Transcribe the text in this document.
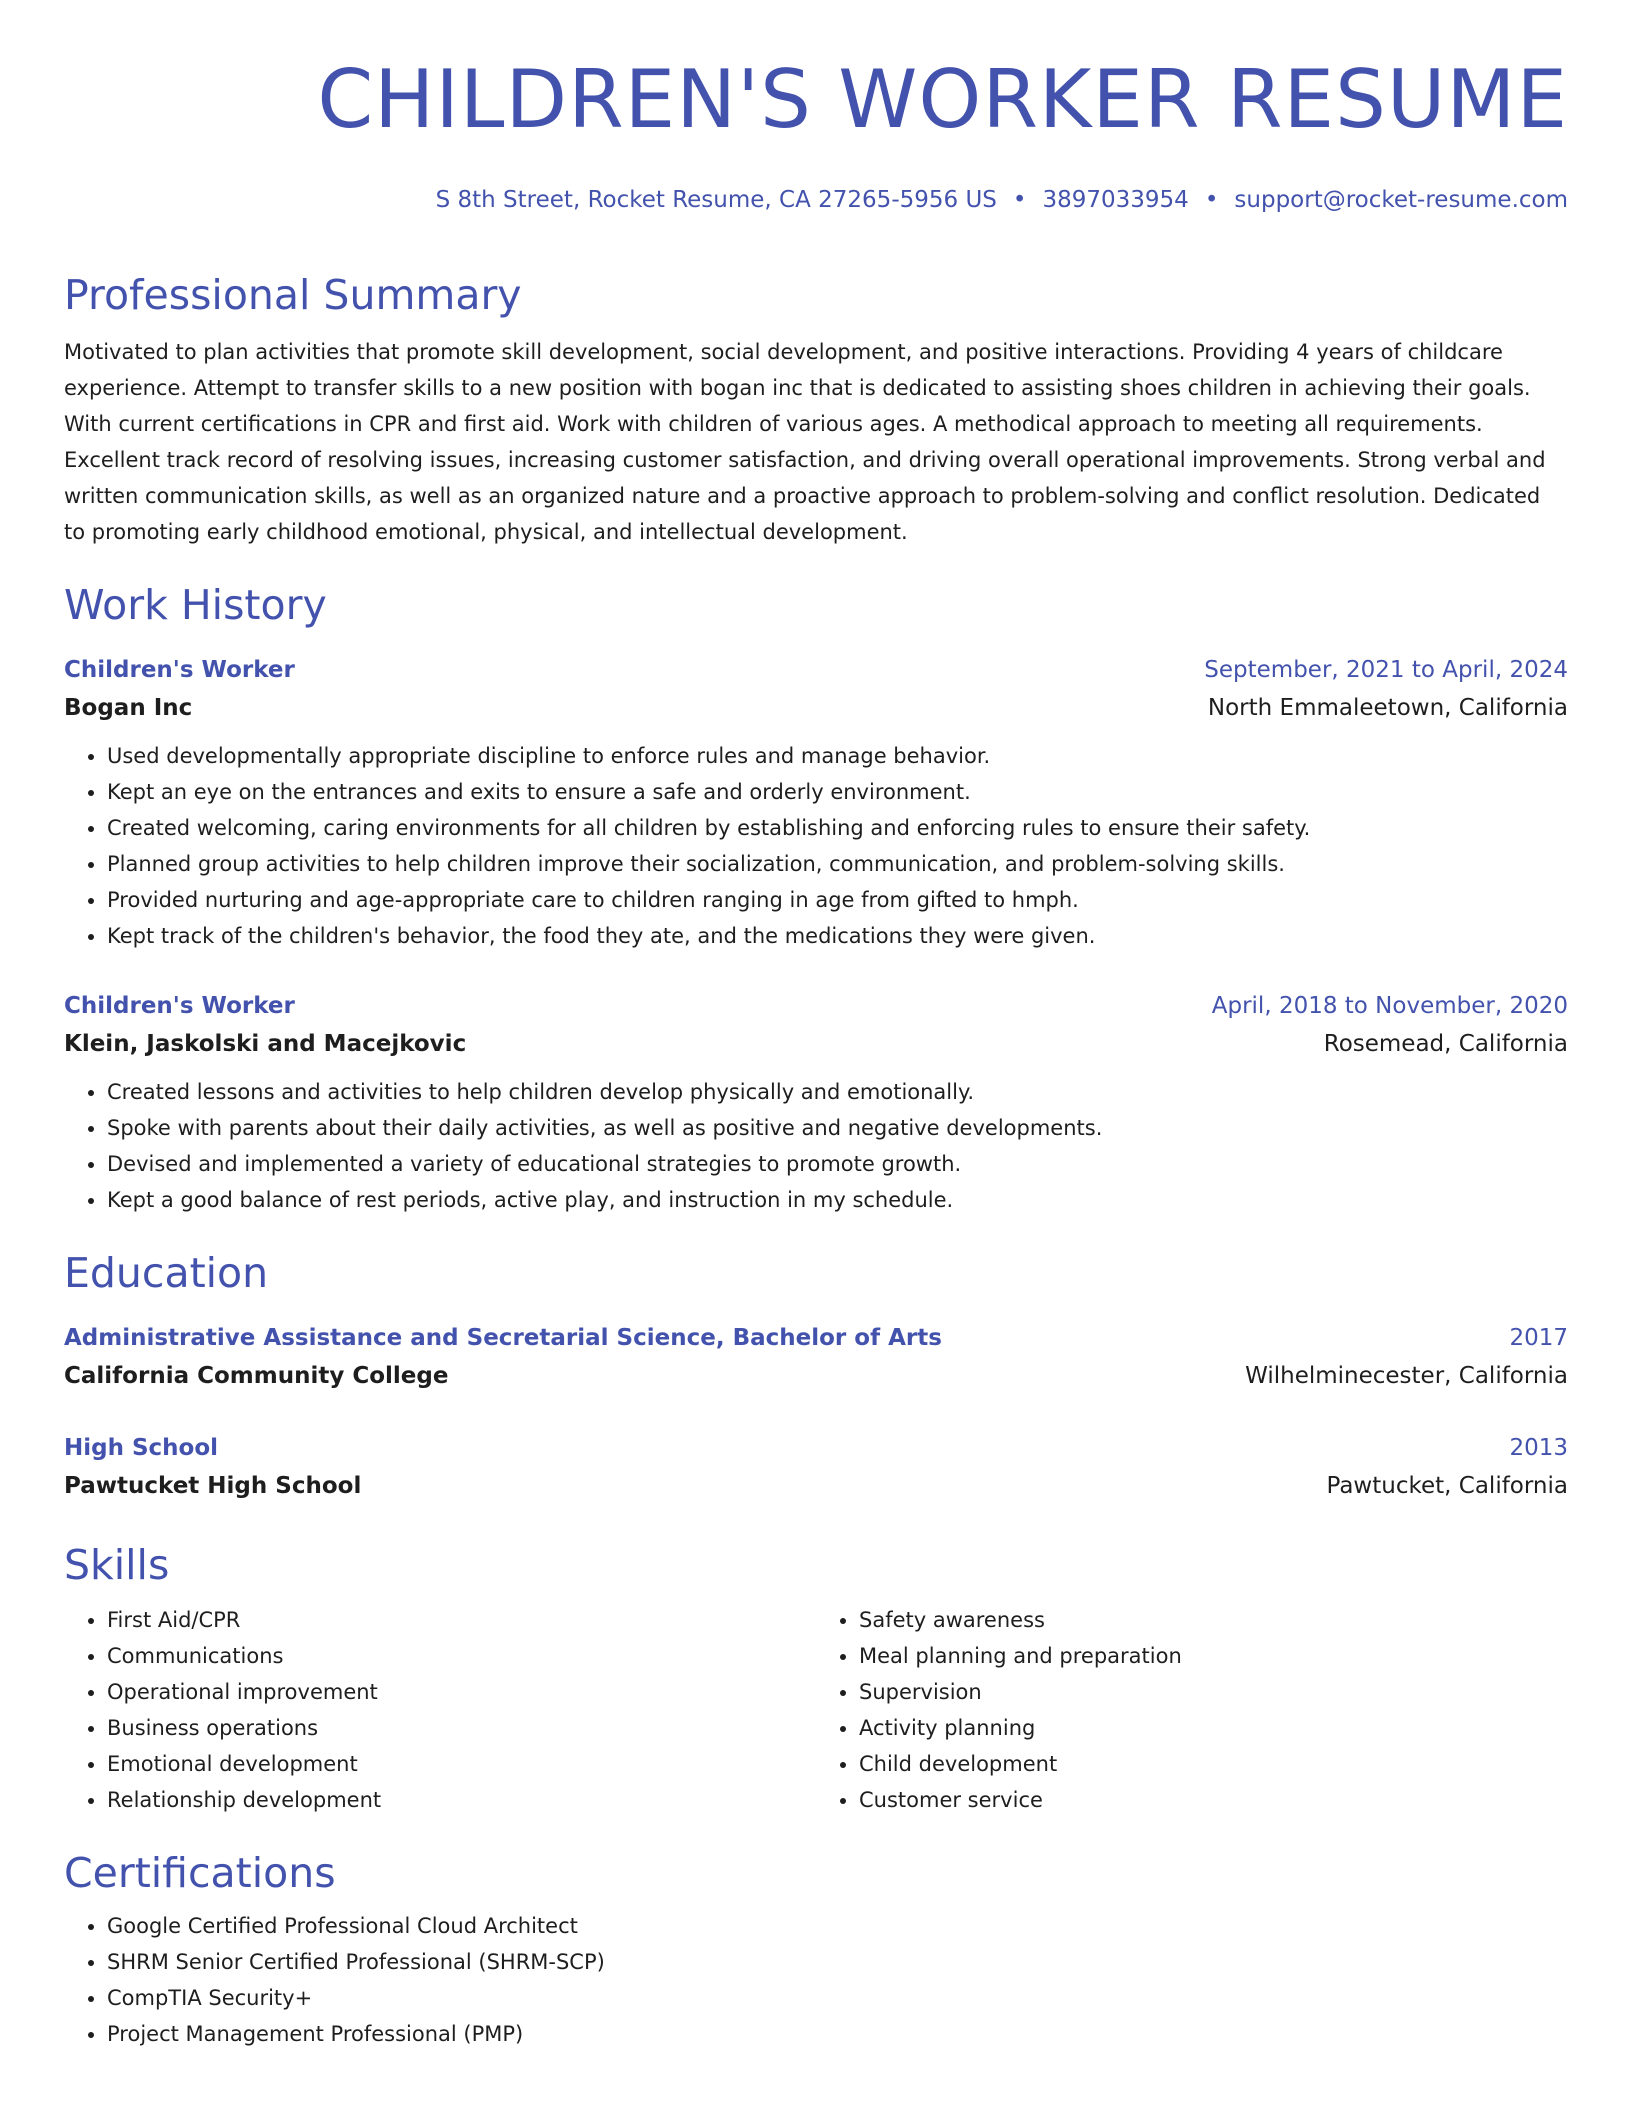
CHILDREN'S WORKER RESUME
S 8th Street, Rocket Resume, CA 27265-5956 US • 3897033954 • support@rocket-resume.com
Professional Summary

Motivated to plan activities that promote skill development, social development, and positive interactions. Providing 4 years of childcare experience. Attempt to transfer skills to a new position with bogan inc that is dedicated to assisting shoes children in achieving their goals. With current certifications in CPR and first aid. Work with children of various ages. A methodical approach to meeting all requirements. Excellent track record of resolving issues, increasing customer satisfaction, and driving overall operational improvements. Strong verbal and written communication skills, as well as an organized nature and a proactive approach to problem-solving and conflict resolution. Dedicated to promoting early childhood emotional, physical, and intellectual development.

Work History
Children's Worker	September, 2021 to April, 2024
Bogan Inc	North Emmaleetown, California
• Used developmentally appropriate discipline to enforce rules and manage behavior.
• Kept an eye on the entrances and exits to ensure a safe and orderly environment.
• Created welcoming, caring environments for all children by establishing and enforcing rules to ensure their safety.
• Planned group activities to help children improve their socialization, communication, and problem-solving skills.
• Provided nurturing and age-appropriate care to children ranging in age from gifted to hmph.
• Kept track of the children's behavior, the food they ate, and the medications they were given.
Children's Worker	April, 2018 to November, 2020
Klein, Jaskolski and Macejkovic	Rosemead, California
• Created lessons and activities to help children develop physically and emotionally.
• Spoke with parents about their daily activities, as well as positive and negative developments.
• Devised and implemented a variety of educational strategies to promote growth.
• Kept a good balance of rest periods, active play, and instruction in my schedule.
Education
Administrative Assistance and Secretarial Science, Bachelor of Arts	2017
California Community College	Wilhelminecester, California
High School	2013
Pawtucket High School	Pawtucket, California
Skills
• First Aid/CPR
• Communications
• Operational improvement
• Business operations
• Emotional development
• Relationship development
• Safety awareness
• Meal planning and preparation
• Supervision
• Activity planning
• Child development
• Customer service
Certifications
• Google Certified Professional Cloud Architect
• SHRM Senior Certified Professional (SHRM-SCP)
• CompTIA Security+
• Project Management Professional (PMP)
